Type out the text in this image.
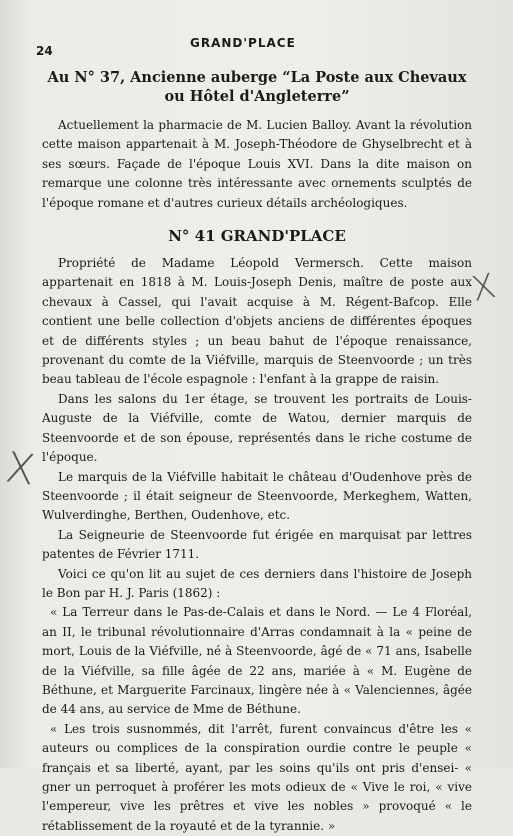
24
GRAND'PLACE
Au N° 37, Ancienne auberge “La Poste aux Chevaux
ou Hôtel d'Angleterre”

Actuellement la pharmacie de M. Lucien Balloy. Avant la révolution cette maison appartenait à M. Joseph-Théodore de Ghyselbrecht et à ses sœurs. Façade de l'époque Louis XVI. Dans la dite maison on remarque une colonne très intéressante avec ornements sculptés de l'époque romane et d'autres curieux détails archéologiques.

N° 41 GRAND'PLACE

Propriété de Madame Léopold Vermersch. Cette maison appartenait en 1818 à M. Louis-Joseph Denis, maître de poste aux chevaux à Cassel, qui l'avait acquise à M. Régent-Bafcop. Elle contient une belle collection d'objets anciens de différentes époques et de différents styles ; un beau bahut de l'époque renaissance, provenant du comte de la Viéfville, marquis de Steenvoorde ; un très beau tableau de l'école espagnole : l'enfant à la grappe de raisin.

Dans les salons du 1er étage, se trouvent les portraits de Louis-Auguste de la Viéfville, comte de Watou, dernier marquis de Steenvoorde et de son épouse, représentés dans le riche costume de l'époque.

Le marquis de la Viéfville habitait le château d'Oudenhove près de Steenvoorde ; il était seigneur de Steenvoorde, Merkeghem, Watten, Wulverdinghe, Berthen, Oudenhove, etc.

La Seigneurie de Steenvoorde fut érigée en marquisat par lettres patentes de Février 1711.

Voici ce qu'on lit au sujet de ces derniers dans l'histoire de Joseph le Bon par H. J. Paris (1862) :

« La Terreur dans le Pas-de-Calais et dans le Nord. — Le 4 Floréal, an II, le tribunal révolutionnaire d'Arras condamnait à la « peine de mort, Louis de la Viéfville, né à Steenvoorde, âgé de « 71 ans, Isabelle de la Viéfville, sa fille âgée de 22 ans, mariée à « M. Eugène de Béthune, et Marguerite Farcinaux, lingère née à « Valenciennes, âgée de 44 ans, au service de Mme de Béthune.

« Les trois susnommés, dit l'arrêt, furent convaincus d'être les « auteurs ou complices de la conspiration ourdie contre le peuple « français et sa liberté, ayant, par les soins qu'ils ont pris d'ensei- « gner un perroquet à proférer les mots odieux de « Vive le roi, « vive l'empereur, vive les prêtres et vive les nobles » provoqué « le rétablissement de la royauté et de la tyrannie. »

X
X
